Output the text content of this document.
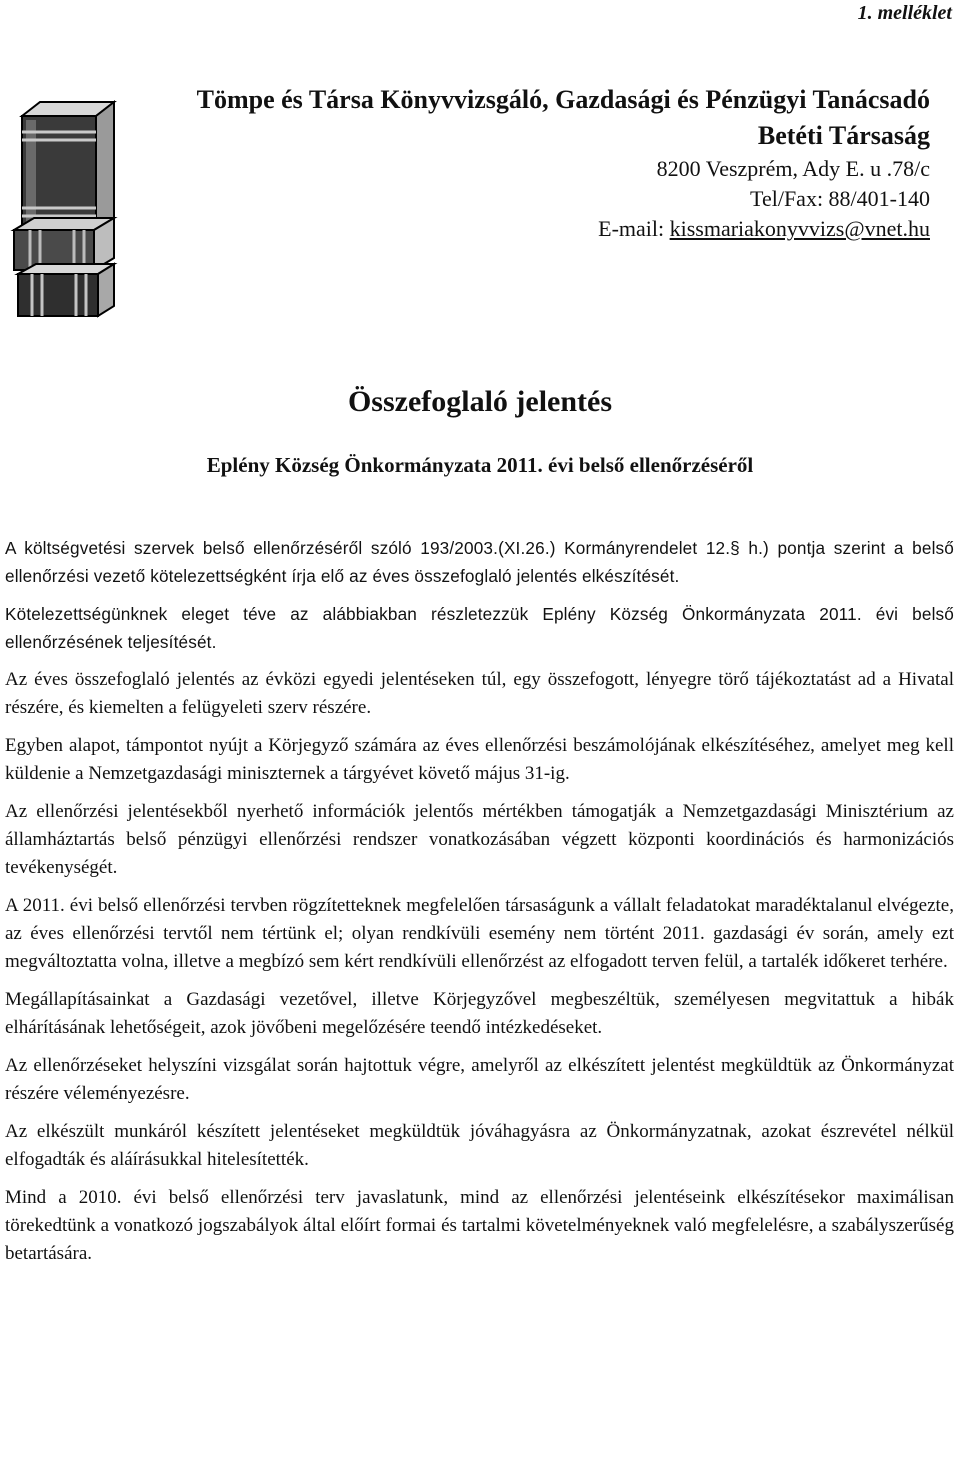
1. melléklet
Tömpe és Társa Könyvvizsgáló, Gazdasági és Pénzügyi Tanácsadó
Betéti Társaság
8200 Veszprém, Ady E. u .78/c
Tel/Fax: 88/401-140
E-mail: kissmariakonyvvizs@vnet.hu
Összefoglaló jelentés
Eplény Község Önkormányzata 2011. évi belső ellenőrzéséről

A költségvetési szervek belső ellenőrzéséről szóló 193/2003.(XI.26.) Kormányrendelet 12.§ h.) pontja szerint a belső ellenőrzési vezető kötelezettségként írja elő az éves összefoglaló jelentés elkészítését.

Kötelezettségünknek eleget téve az alábbiakban részletezzük Eplény Község Önkormányzata 2011. évi belső ellenőrzésének teljesítését.

Az éves összefoglaló jelentés az évközi egyedi jelentéseken túl, egy összefogott, lényegre törő tájékoztatást ad a Hivatal részére, és kiemelten a felügyeleti szerv részére.

Egyben alapot, támpontot nyújt a Körjegyző számára az éves ellenőrzési beszámolójának elkészítéséhez, amelyet meg kell küldenie a Nemzetgazdasági miniszternek a tárgyévet követő május 31-ig.

Az ellenőrzési jelentésekből nyerhető információk jelentős mértékben támogatják a Nemzetgazdasági Minisztérium az államháztartás belső pénzügyi ellenőrzési rendszer vonatkozásában végzett központi koordinációs és harmonizációs tevékenységét.

A 2011. évi belső ellenőrzési tervben rögzítetteknek megfelelően társaságunk a vállalt feladatokat maradéktalanul elvégezte, az éves ellenőrzési tervtől nem tértünk el; olyan rendkívüli esemény nem történt 2011. gazdasági év során, amely ezt megváltoztatta volna, illetve a megbízó sem kért rendkívüli ellenőrzést az elfogadott terven felül, a tartalék időkeret terhére.

Megállapításainkat a Gazdasági vezetővel, illetve Körjegyzővel megbeszéltük, személyesen megvitattuk a hibák elhárításának lehetőségeit, azok jövőbeni megelőzésére teendő intézkedéseket.

Az ellenőrzéseket helyszíni vizsgálat során hajtottuk végre, amelyről az elkészített jelentést megküldtük az Önkormányzat részére véleményezésre.

Az elkészült munkáról készített jelentéseket megküldtük jóváhagyásra az Önkormányzatnak, azokat észrevétel nélkül elfogadták és aláírásukkal hitelesítették.

Mind a 2010. évi belső ellenőrzési terv javaslatunk, mind az ellenőrzési jelentéseink elkészítésekor maximálisan törekedtünk a vonatkozó jogszabályok által előírt formai és tartalmi követelményeknek való megfelelésre, a szabályszerűség betartására.
